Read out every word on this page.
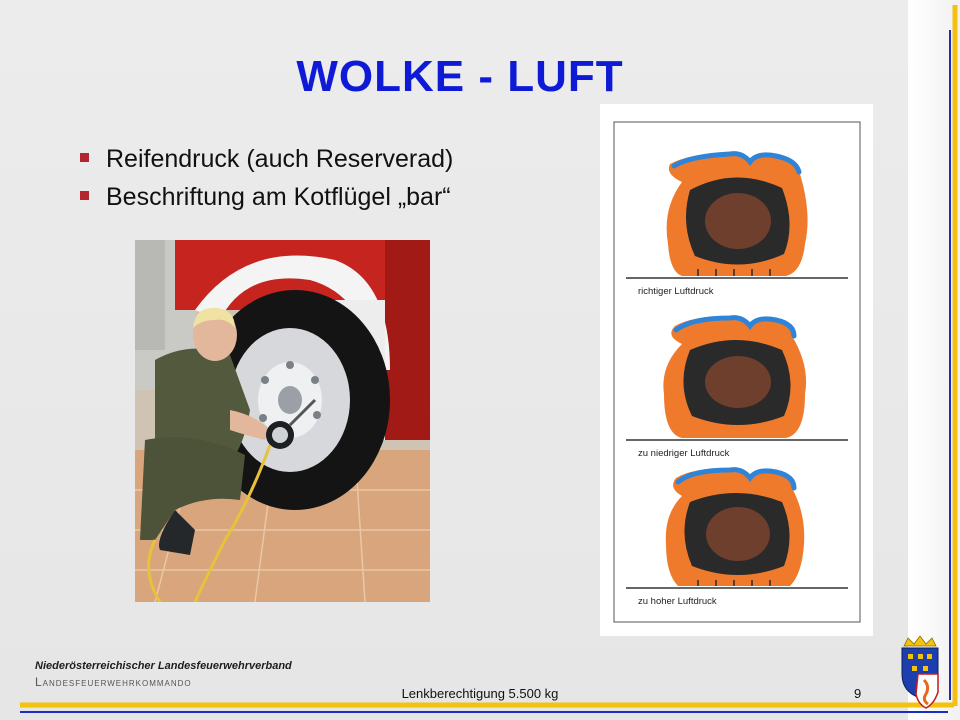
WOLKE - LUFT
Reifendruck (auch Reserverad)
Beschriftung am Kotflügel „bar“
richtiger Luftdruck
zu niedriger Luftdruck
zu hoher Luftdruck
Niederösterreichischer Landesfeuerwehrverband
Landesfeuerwehrkommando
Lenkberechtigung 5.500 kg	9
